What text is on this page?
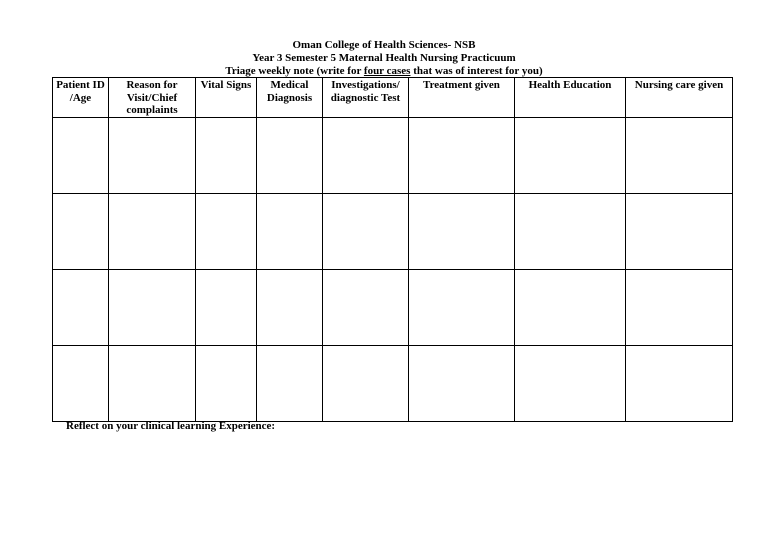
Oman College of Health Sciences- NSB
Year 3 Semester 5 Maternal Health Nursing Practicuum
Triage weekly note (write for four cases that was of interest for you)
Patient ID /Age	Reason for Visit/Chief complaints	Vital Signs	Medical Diagnosis	Investigations/ diagnostic Test	Treatment given	Health Education	Nursing care given

Reflect on your clinical learning Experience:
